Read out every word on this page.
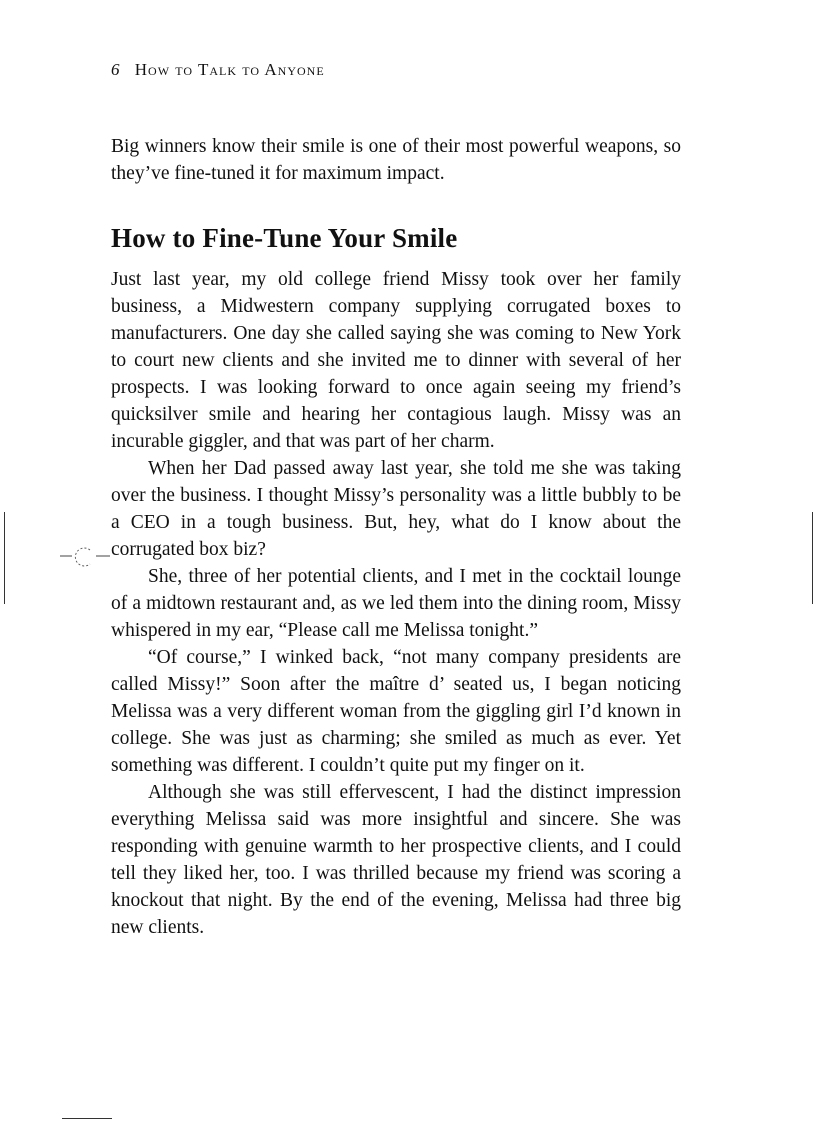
6 How to Talk to Anyone

Big winners know their smile is one of their most powerful weapons, so they’ve fine-tuned it for maximum impact.

How to Fine-Tune Your Smile

Just last year, my old college friend Missy took over her family business, a Midwestern company supplying corrugated boxes to manufacturers. One day she called saying she was coming to New York to court new clients and she invited me to dinner with several of her prospects. I was looking forward to once again seeing my friend’s quicksilver smile and hearing her contagious laugh. Missy was an incurable giggler, and that was part of her charm.

When her Dad passed away last year, she told me she was taking over the business. I thought Missy’s personality was a little bubbly to be a CEO in a tough business. But, hey, what do I know about the corrugated box biz?

She, three of her potential clients, and I met in the cocktail lounge of a midtown restaurant and, as we led them into the dining room, Missy whispered in my ear, “Please call me Melissa tonight.”

“Of course,” I winked back, “not many company presidents are called Missy!” Soon after the maître d’ seated us, I began noticing Melissa was a very different woman from the giggling girl I’d known in college. She was just as charming; she smiled as much as ever. Yet something was different. I couldn’t quite put my finger on it.

Although she was still effervescent, I had the distinct impression everything Melissa said was more insightful and sincere. She was responding with genuine warmth to her prospective clients, and I could tell they liked her, too. I was thrilled because my friend was scoring a knockout that night. By the end of the evening, Melissa had three big new clients.
